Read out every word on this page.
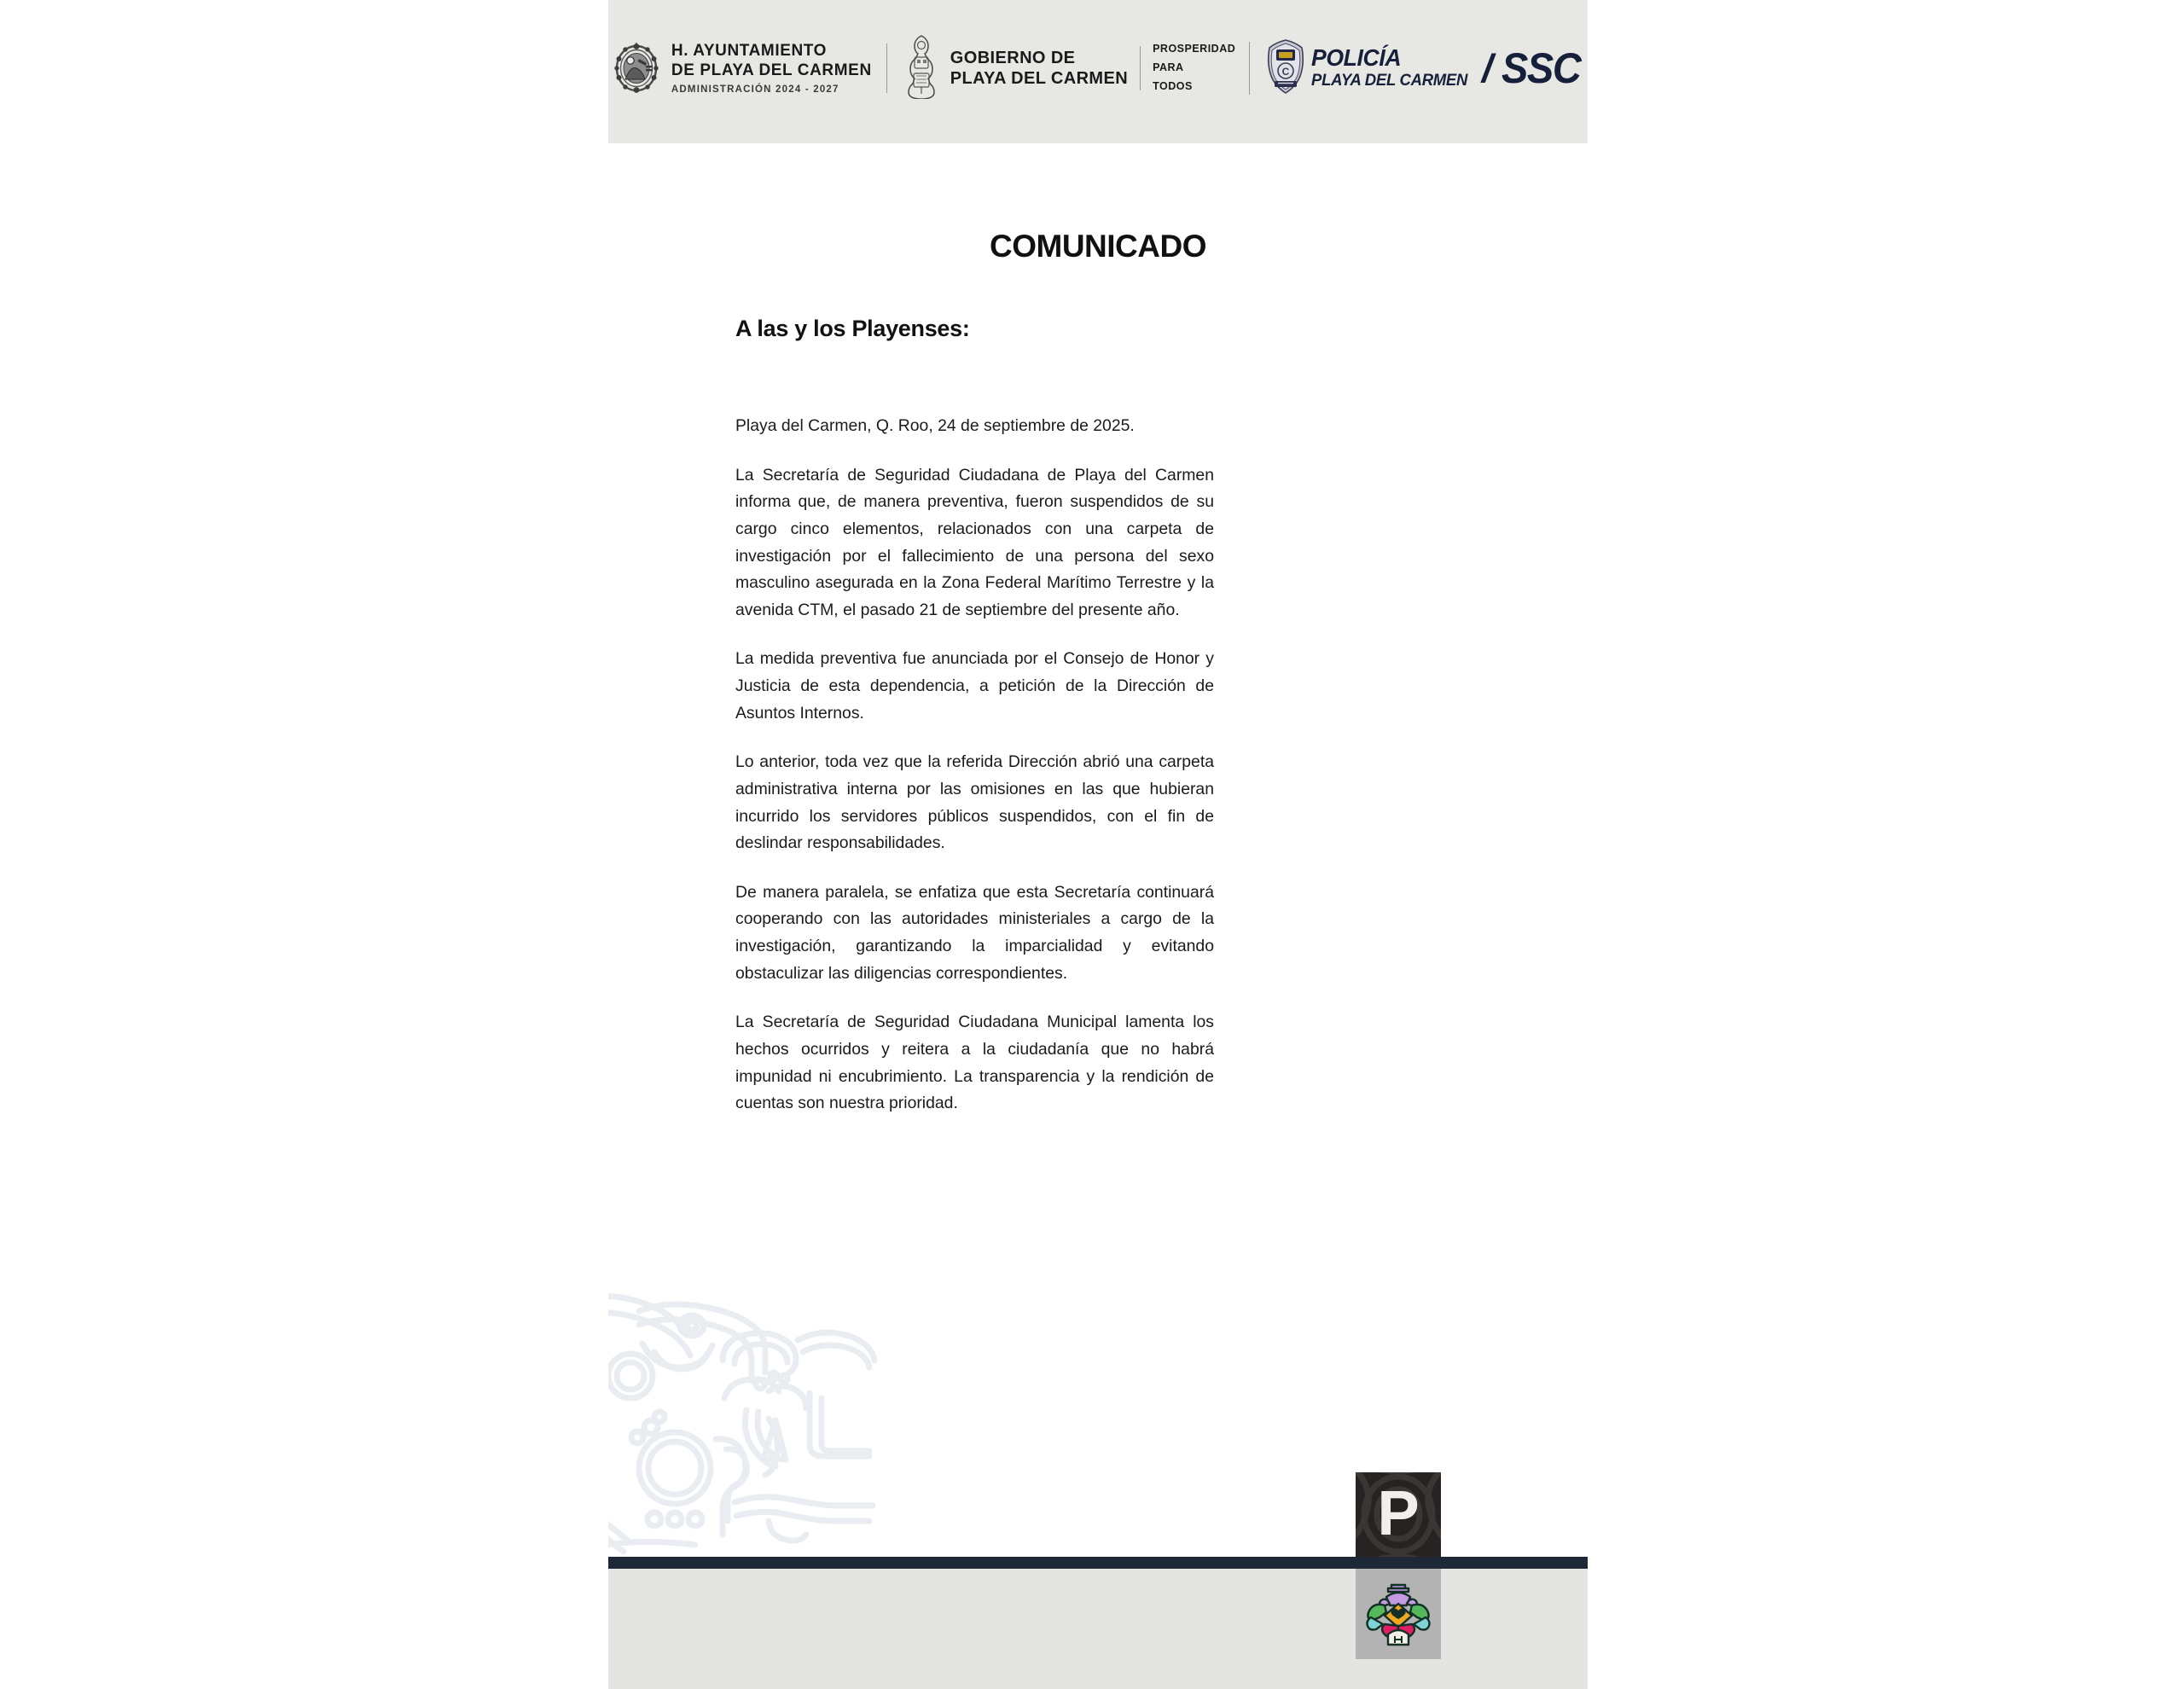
H. AYUNTAMIENTO
DE PLAYA DEL CARMEN
ADMINISTRACIÓN 2024 - 2027
GOBIERNO DE
PLAYA DEL CARMEN
PROSPERIDAD
PARA
TODOS
C
POLICÍA
PLAYA DEL CARMEN / SSC
COMUNICADO
A las y los Playenses:

Playa del Carmen, Q. Roo, 24 de septiembre de 2025.

La Secretaría de Seguridad Ciudadana de Playa del Carmen informa que, de manera preventiva, fueron suspendidos de su cargo cinco elementos, relacionados con una carpeta de investigación por el fallecimiento de una persona del sexo masculino asegurada en la Zona Federal Marítimo Terrestre y la avenida CTM, el pasado 21 de septiembre del presente año.

La medida preventiva fue anunciada por el Consejo de Honor y Justicia de esta dependencia, a petición de la Dirección de Asuntos Internos.

Lo anterior, toda vez que la referida Dirección abrió una carpeta administrativa interna por las omisiones en las que hubieran incurrido los servidores públicos suspendidos, con el fin de deslindar responsabilidades.

De manera paralela, se enfatiza que esta Secretaría continuará cooperando con las autoridades ministeriales a cargo de la investigación, garantizando la imparcialidad y evitando obstaculizar las diligencias correspondientes.

La Secretaría de Seguridad Ciudadana Municipal lamenta los hechos ocurridos y reitera a la ciudadanía que no habrá impunidad ni encubrimiento. La transparencia y la rendición de cuentas son nuestra prioridad.

P
